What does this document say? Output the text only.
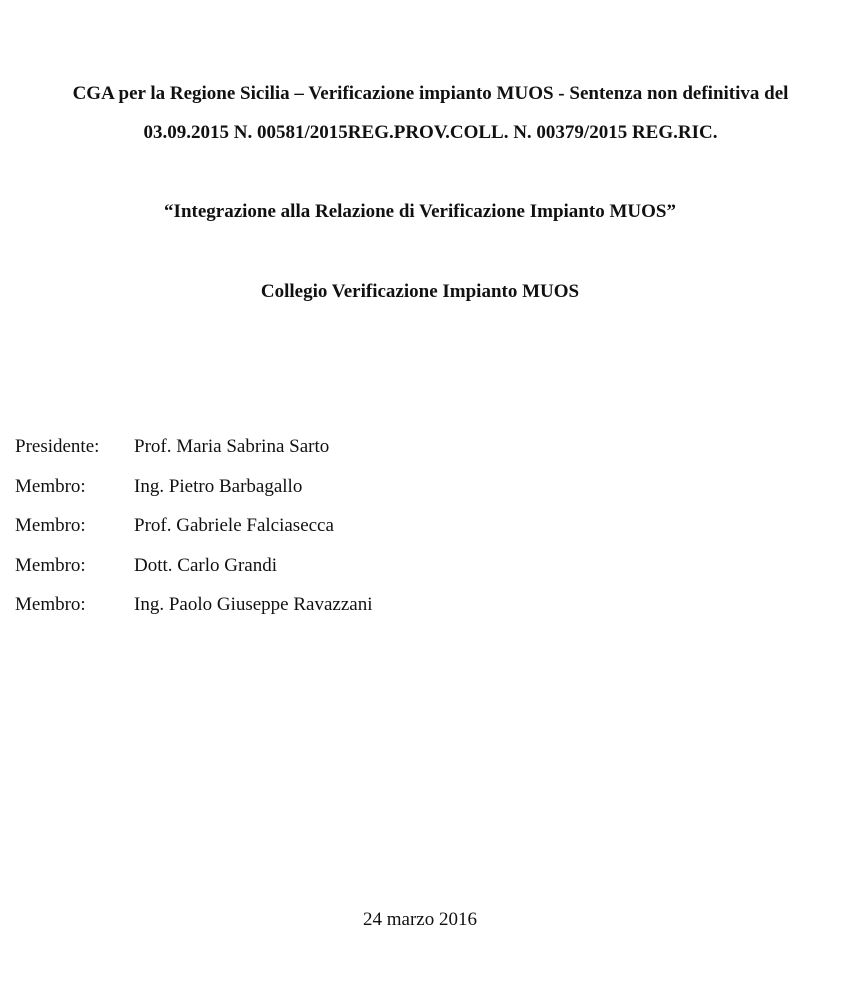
CGA per la Regione Sicilia – Verificazione impianto MUOS - Sentenza non definitiva del
03.09.2015 N. 00581/2015REG.PROV.COLL. N. 00379/2015 REG.RIC.
“Integrazione alla Relazione di Verificazione Impianto MUOS”
Collegio Verificazione Impianto MUOS
Presidente: Prof. Maria Sabrina Sarto
Membro:	Ing. Pietro Barbagallo
Membro:	Prof. Gabriele Falciasecca
Membro:	Dott. Carlo Grandi
Membro:	Ing. Paolo Giuseppe Ravazzani
24 marzo 2016
